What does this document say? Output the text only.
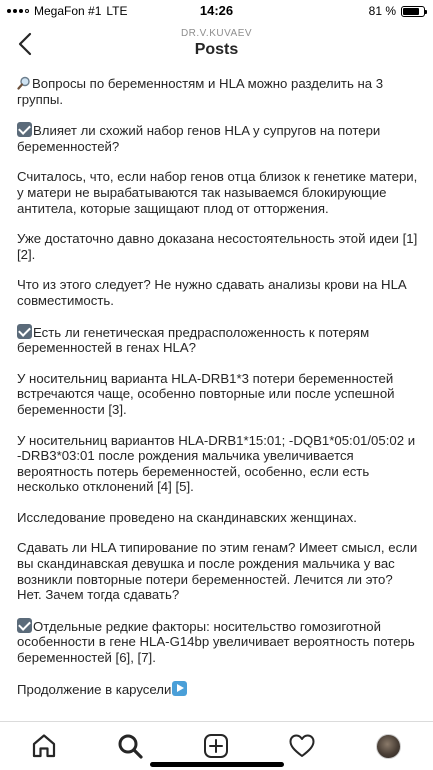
MegaFon #1 LTE	14:26	81 %
DR.V.KUVAEV
Posts
Вопросы по беременностям и HLA можно разделить на 3 группы.
Влияет ли схожий набор генов HLA у супругов на потери беременностей?
Считалось, что, если набор генов отца близок к генетике матери, у матери не вырабатываются так называемся блокирующие антитела, которые защищают плод от отторжения.
Уже достаточно давно доказана несостоятельность этой идеи [1] [2].
Что из этого следует? Не нужно сдавать анализы крови на HLA совместимость.
Есть ли генетическая предрасположенность к потерям беременностей в генах HLA?
У носительниц варианта HLA-DRB1*3 потери беременностей встречаются чаще, особенно повторные или после успешной беременности [3].
У носительниц вариантов HLA-DRB1*15:01; -DQB1*05:01/05:02 и -DRB3*03:01 после рождения мальчика увеличивается вероятность потерь беременностей, особенно, если есть несколько отклонений [4] [5].
Исследование проведено на скандинавских женщинах.
Сдавать ли HLA типирование по этим генам? Имеет смысл, если вы скандинавская девушка и после рождения мальчика у вас возникли повторные потери беременностей. Лечится ли это? Нет. Зачем тогда сдавать?
Отдельные редкие факторы: носительство гомозиготной особенности в гене HLA-G14bp увеличивает вероятность потерь беременностей [6], [7].
Продолжение в карусели
